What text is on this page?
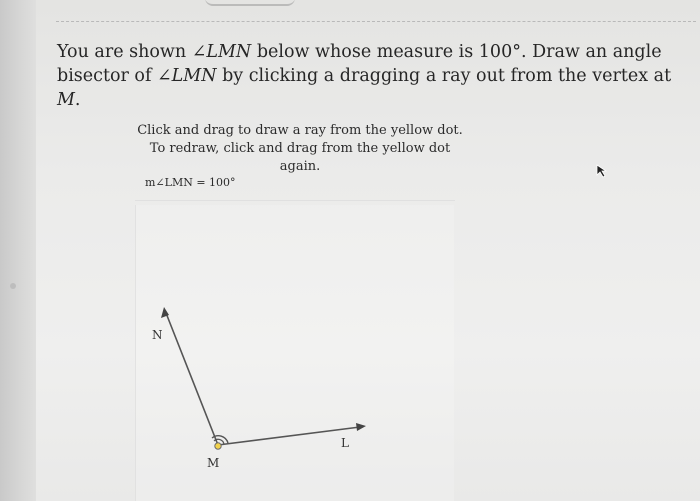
You are shown ∠LMN below whose measure is 100°. Draw an angle bisector of ∠LMN by clicking a dragging a ray out from the vertex at M.
Click and drag to draw a ray from the yellow dot.
To redraw, click and drag from the yellow dot again.
m∠LMN = 100°
N
M
L
